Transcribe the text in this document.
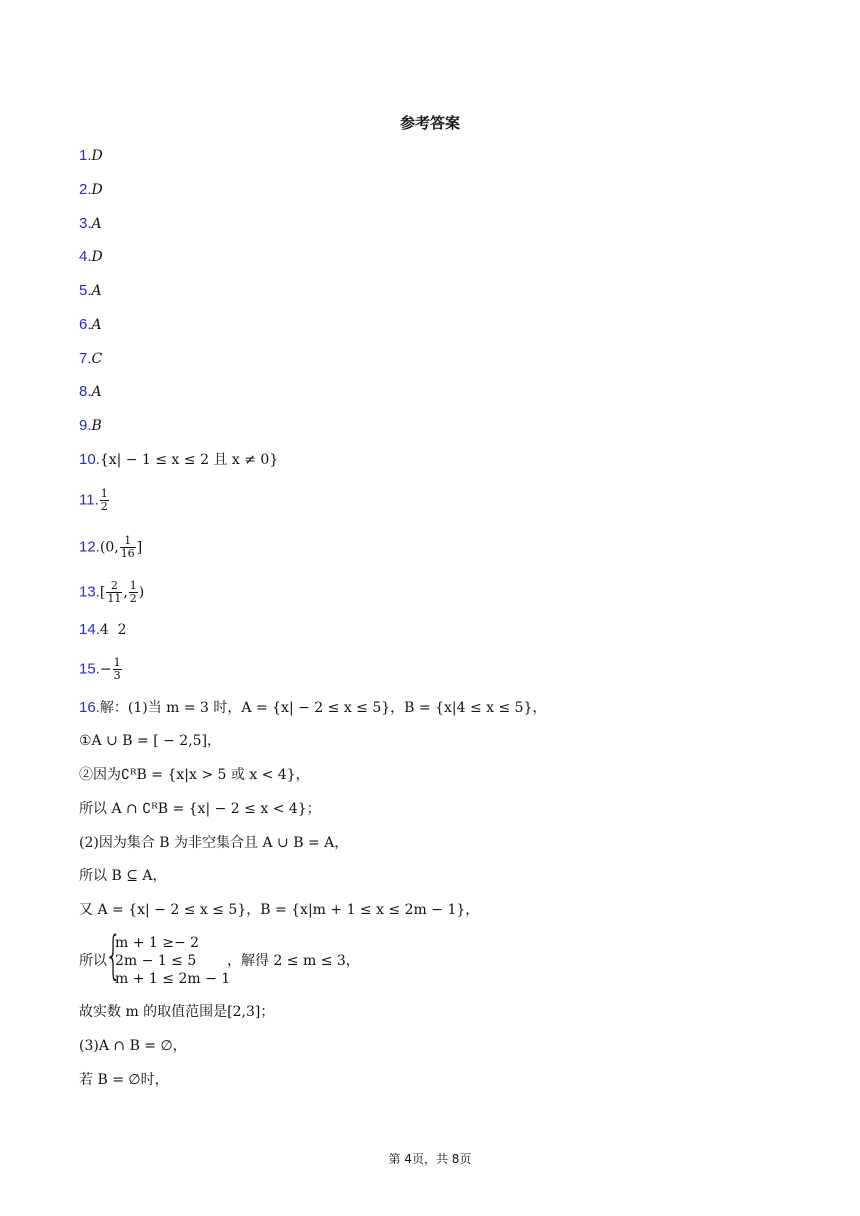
参考答案
1.D
2.D
3.A
4.D
5.A
6.A
7.C
8.A
9.B
10.{x| − 1 ≤ x ≤ 2 且 x ≠ 0}
11. $\frac{1}{2}$
12.(0, $\frac{1}{16}$ ]
$13.[ \frac{2}{11}$ , $\frac{1}{2}$ )
14.4  2
$15.- \frac{1}{3}$
16.解：(1)当 m = 3 时，A = {x| − 2 ≤ x ≤ 5}，B = {x|4 ≤ x ≤ 5}，
①A ∪ B = [ − 2,5]，
②因为∁ᴿB = {x|x > 5 或 x < 4}，
所以 A ∩ ∁ᴿB = {x| − 2 ≤ x < 4}；
(2)因为集合 B 为非空集合且 A ∪ B = A，
所以 B ⊆ A，
又 A = {x| − 2 ≤ x ≤ 5}，B = {x|m + 1 ≤ x ≤ 2m − 1}，
所以
{
m + 1 ≥− 2
2m − 1 ≤ 5
m + 1 ≤ 2m − 1
，解得 2 ≤ m ≤ 3，
故实数 m 的取值范围是[2,3]；
(3)A ∩ B = ∅，
若 B = ∅时，
第 4页，共 8页
